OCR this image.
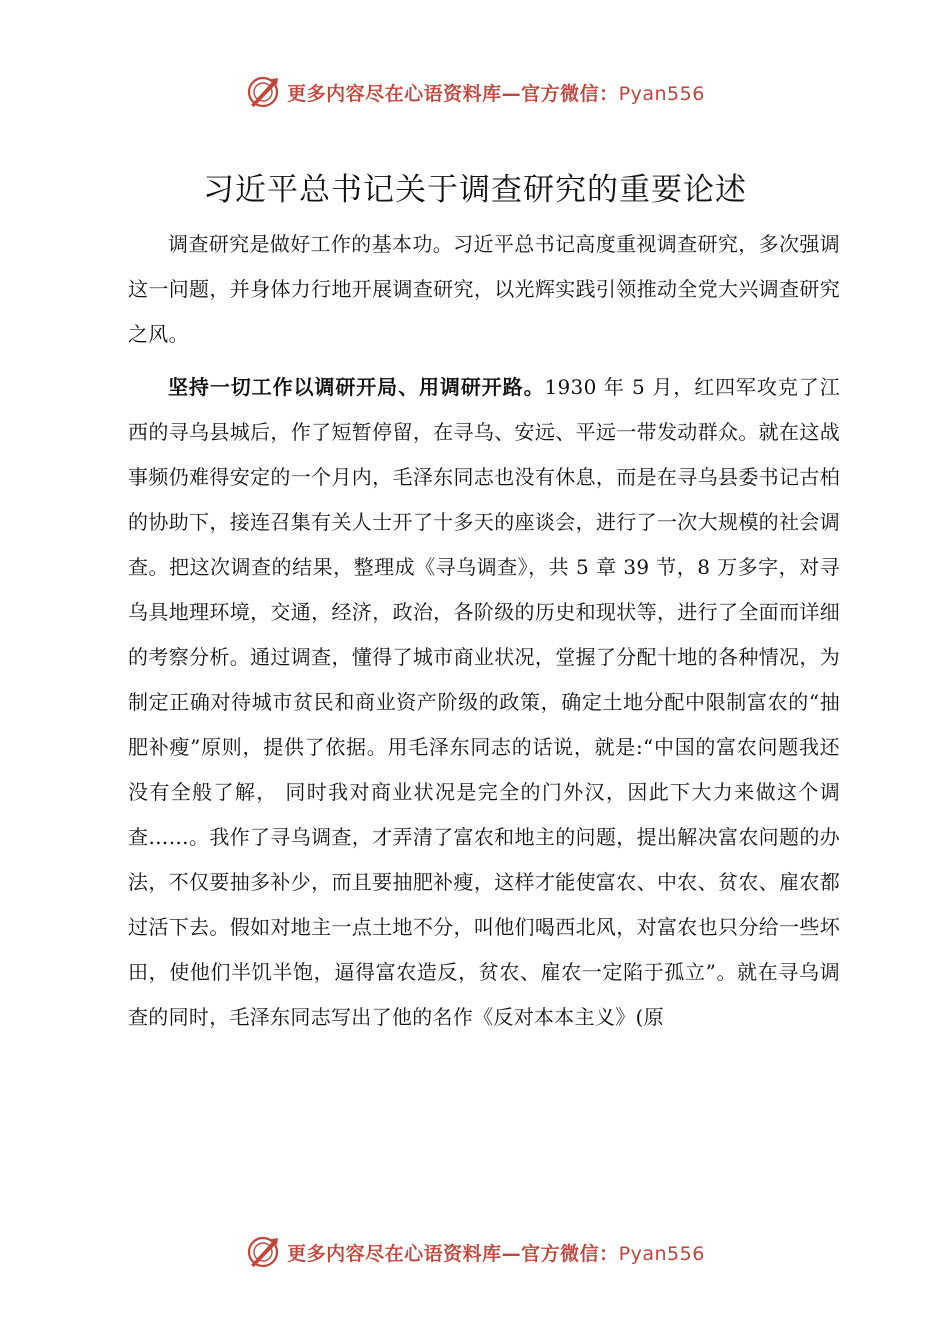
更多内容尽在心语资料库—官方微信：Pyan556
习近平总书记关于调查研究的重要论述

调查研究是做好工作的基本功。习近平总书记高度重视调查研究，多次强调这一问题，并身体力行地开展调查研究，以光辉实践引领推动全党大兴调查研究之风。

坚持一切工作以调研开局、用调研开路。1930 年 5 月，红四军攻克了江西的寻乌县城后，作了短暂停留，在寻乌、安远、平远一带发动群众。就在这战事频仍难得安定的一个月内，毛泽东同志也没有休息，而是在寻乌县委书记古柏的协助下，接连召集有关人士开了十多天的座谈会，进行了一次大规模的社会调查。把这次调查的结果，整理成《寻乌调查》，共 5 章 39 节，8 万多字，对寻乌具地理环境，交通，经济，政治，各阶级的历史和现状等，进行了全面而详细的考察分析。通过调查，懂得了城市商业状况，堂握了分配十地的各种情况，为制定正确对待城市贫民和商业资产阶级的政策，确定土地分配中限制富农的“抽肥补瘦”原则，提供了依据。用毛泽东同志的话说，就是:“中国的富农问题我还没有全般了解， 同时我对商业状况是完全的门外汉，因此下大力来做这个调查……。我作了寻乌调查，才弄清了富农和地主的问题，提出解决富农问题的办法，不仅要抽多补少，而且要抽肥补瘦，这样才能使富农、中农、贫农、雇农都过活下去。假如对地主一点土地不分，叫他们喝西北风，对富农也只分给一些坏田，使他们半饥半饱，逼得富农造反，贫农、雇农一定陷于孤立”。就在寻乌调查的同时，毛泽东同志写出了他的名作《反对本本主义》(原

更多内容尽在心语资料库—官方微信：Pyan556
